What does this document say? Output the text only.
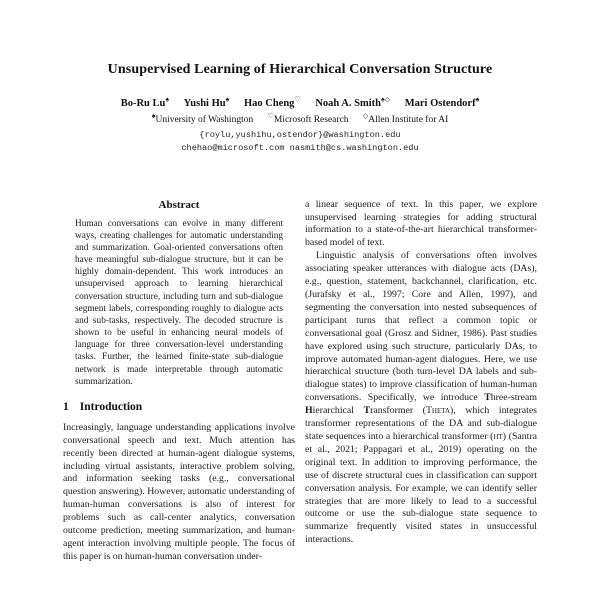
Unsupervised Learning of Hierarchical Conversation Structure
Bo-Ru Lu♠ Yushi Hu♠ Hao Cheng♡ Noah A. Smith♠◇ Mari Ostendorf♠
♠University of Washington ♡Microsoft Research ◇Allen Institute for AI
{roylu,yushihu,ostendor}@washington.edu
chehao@microsoft.com nasmith@cs.washington.edu
Abstract

Human conversations can evolve in many different ways, creating challenges for automatic understanding and summarization. Goal-oriented conversations often have meaningful sub-dialogue structure, but it can be highly domain-dependent. This work introduces an unsupervised approach to learning hierarchical conversation structure, including turn and sub-dialogue segment labels, corresponding roughly to dialogue acts and sub-tasks, respectively. The decoded structure is shown to be useful in enhancing neural models of language for three conversation-level understanding tasks. Further, the learned finite-state sub-dialogue network is made interpretable through automatic summarization.

1 Introduction

Increasingly, language understanding applications involve conversational speech and text. Much attention has recently been directed at human-agent dialogue systems, including virtual assistants, interactive problem solving, and information seeking tasks (e.g., conversational question answering). However, automatic understanding of human-human conversations is also of interest for problems such as call-center analytics, conversation outcome prediction, meeting summarization, and human-agent interaction involving multiple people. The focus of this paper is on human-human conversation under-

a linear sequence of text. In this paper, we explore unsupervised learning strategies for adding structural information to a state-of-the-art hierarchical transformer-based model of text.

Linguistic analysis of conversations often involves associating speaker utterances with dialogue acts (DAs), e.g., question, statement, backchannel, clarification, etc. (Jurafsky et al., 1997; Core and Allen, 1997), and segmenting the conversation into nested subsequences of participant turns that reflect a common topic or conversational goal (Grosz and Sidner, 1986). Past studies have explored using such structure, particularly DAs, to improve automated human-agent dialogues. Here, we use hierarchical structure (both turn-level DA labels and sub-dialogue states) to improve classification of human-human conversations. Specifically, we introduce Three-stream Hierarchical Transformer (Theta), which integrates transformer representations of the DA and sub-dialogue state sequences into a hierarchical transformer (ht) (Santra et al., 2021; Pappagari et al., 2019) operating on the original text. In addition to improving performance, the use of discrete structural cues in classification can support conversation analysis. For example, we can identify seller strategies that are more likely to lead to a successful outcome or use the sub-dialogue state sequence to summarize frequently visited states in unsuccessful interactions.
